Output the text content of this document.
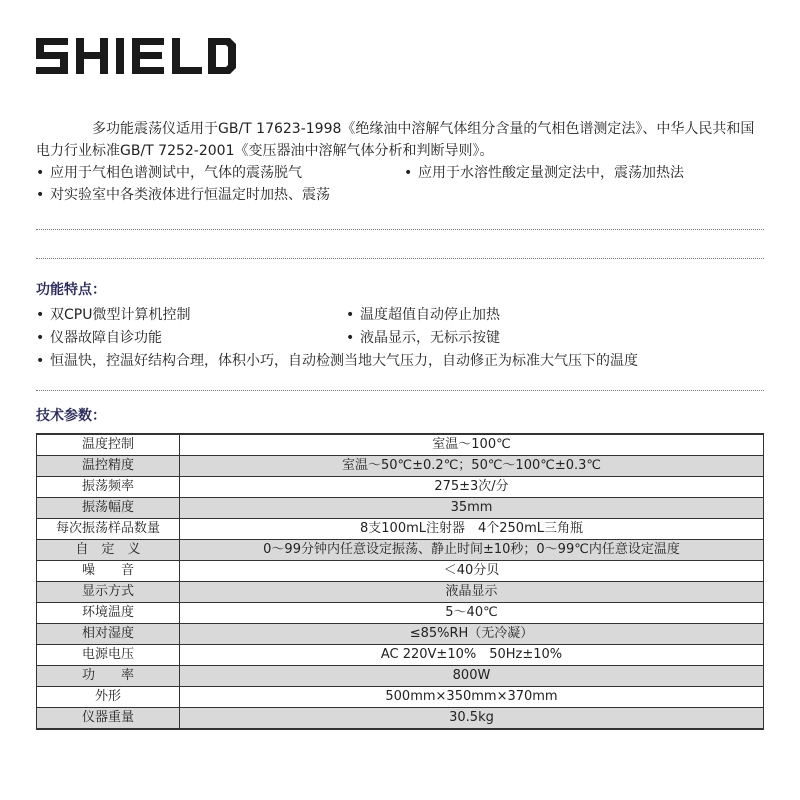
多功能震荡仪适用于GB/T 17623-1998《绝缘油中溶解气体组分含量的气相色谱测定法》、中华人民共和国电力行业标准GB/T 7252-2001《变压器油中溶解气体分析和判断导则》。

• 应用于气相色谱测试中，气体的震荡脱气	• 应用于水溶性酸定量测定法中，震荡加热法
• 对实验室中各类液体进行恒温定时加热、震荡
功能特点：
• 双CPU微型计算机控制	• 温度超值自动停止加热
• 仪器故障自诊功能	• 液晶显示，无标示按键
• 恒温快，控温好结构合理，体积小巧，自动检测当地大气压力，自动修正为标准大气压下的温度
技术参数：
温度控制	室温～100℃
温控精度	室温～50℃±0.2℃；50℃～100℃±0.3℃
振荡频率	275±3次/分
振荡幅度	35mm
每次振荡样品数量	8支100mL注射器　4个250mL三角瓶
自　定　义	0～99分钟内任意设定振荡、静止时间±10秒；0～99℃内任意设定温度
噪　　音	＜40分贝
显示方式	液晶显示
环境温度	5～40℃
相对湿度	≤85%RH（无冷凝）
电源电压	AC 220V±10%　50Hz±10%
功　　率	800W
外形	500mm×350mm×370mm
仪器重量	30.5kg
